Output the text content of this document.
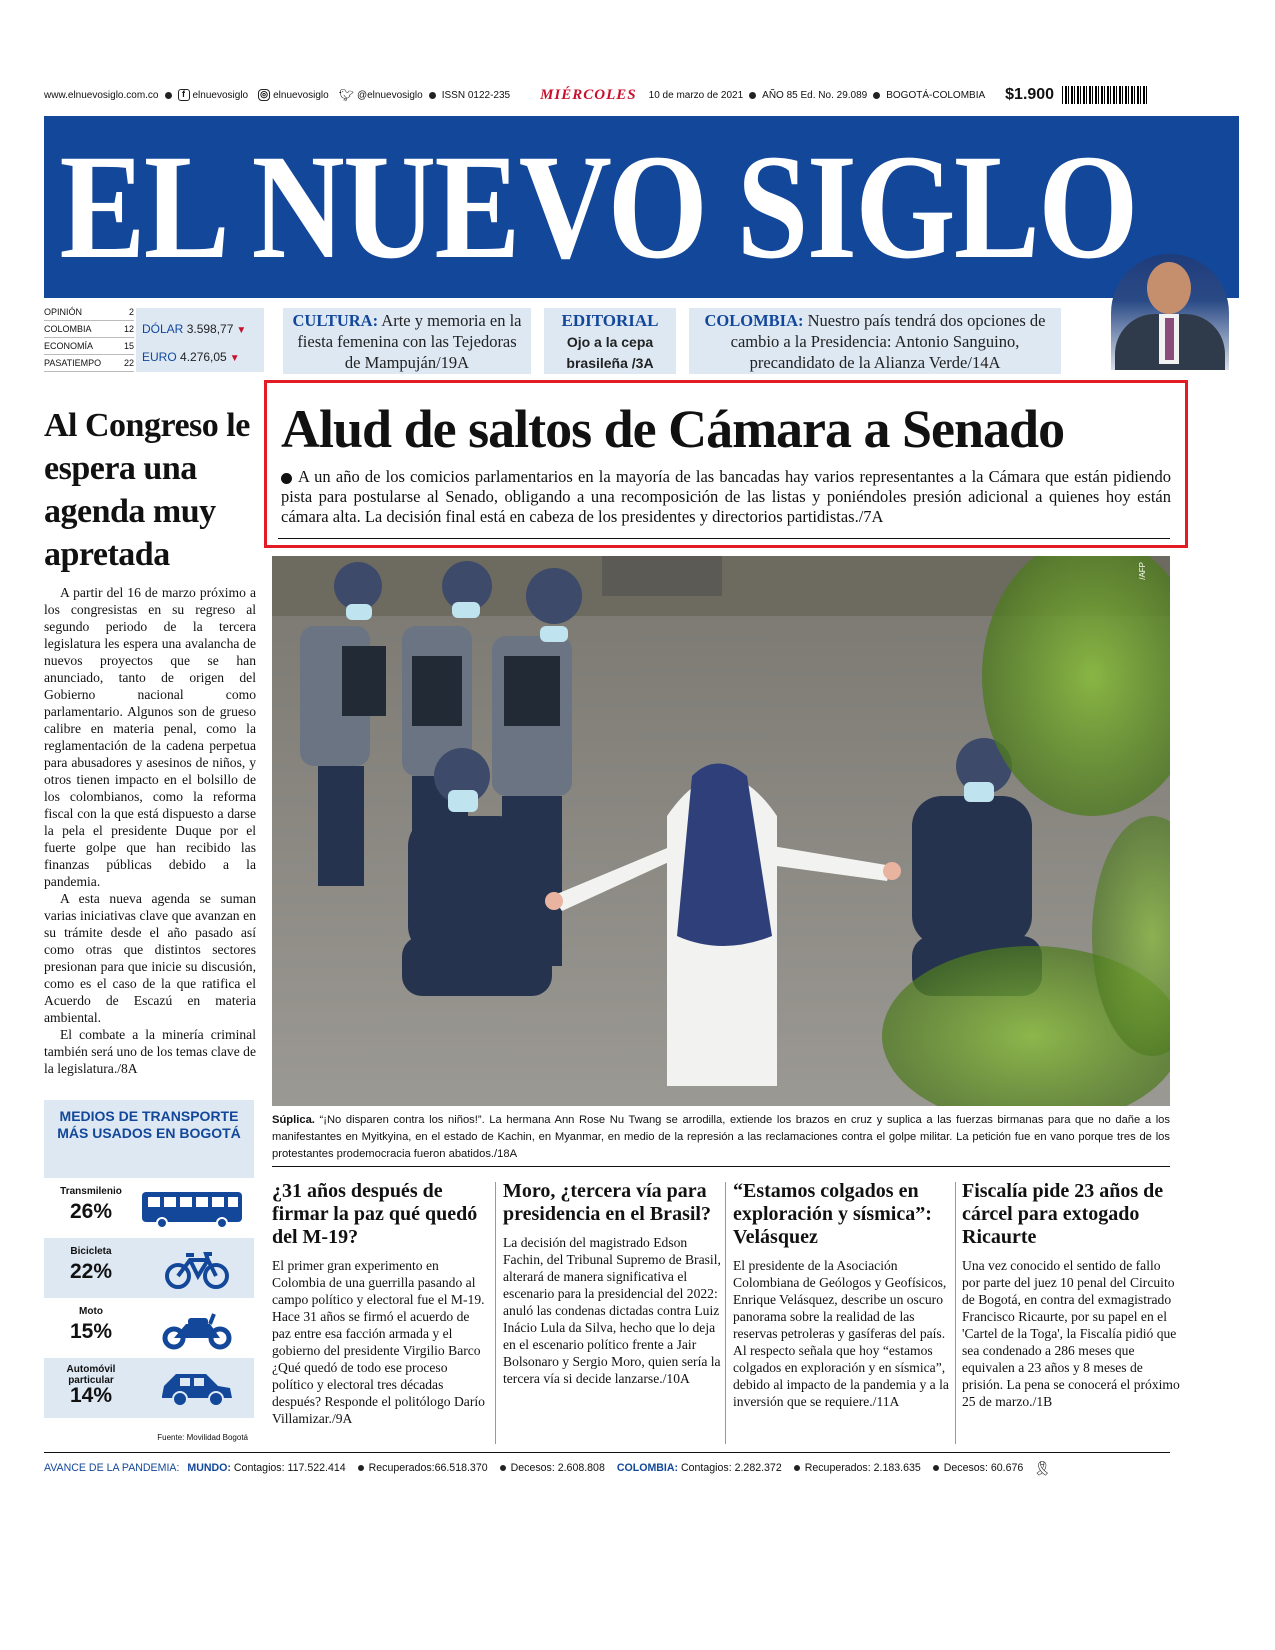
www.elnuevosiglo.com.co	f elnuevosiglo ◎ elnuevosiglo 🐦︎ @elnuevosiglo ISSN 0122-235 MIÉRCOLES 10 de marzo de 2021 AÑO 85 Ed. No. 29.089 BOGOTÁ-COLOMBIA $1.900
EL NUEVO SIGLO
OPINIÓN	2
COLOMBIA	12
ECONOMÍA	15
PASATIEMPO	22
DÓLAR 3.598,77 ▼
EURO 4.276,05 ▼
CULTURA: Arte y memoria en la fiesta femenina con las Tejedoras de Mampuján/19A
EDITORIAL
Ojo a la cepa brasileña /3A
COLOMBIA: Nuestro país tendrá dos opciones de cambio a la Presidencia: Antonio Sanguino, precandidato de la Alianza Verde/14A
Alud de saltos de Cámara a Senado
A un año de los comicios parlamentarios en la mayoría de las bancadas hay varios representantes a la Cámara que están pidiendo pista para postularse al Senado, obligando a una recomposición de las listas y poniéndoles presión adicional a quienes hoy están cámara alta. La decisión final está en cabeza de los presidentes y directorios partidistas./7A
Al Congreso le espera una agenda muy apretada

A partir del 16 de marzo próximo a los congresistas en su regreso al segundo periodo de la tercera legislatura les espera una avalancha de nuevos proyectos que se han anunciado, tanto de origen del Gobierno nacional como parlamentario. Algunos son de grueso calibre en materia penal, como la reglamentación de la cadena perpetua para abusadores y asesinos de niños, y otros tienen impacto en el bolsillo de los colombianos, como la reforma fiscal con la que está dispuesto a darse la pela el presidente Duque por el fuerte golpe que han recibido las finanzas públicas debido a la pandemia.

A esta nueva agenda se suman varias iniciativas clave que avanzan en su trámite desde el año pasado así como otras que distintos sectores presionan para que inicie su discusión, como es el caso de la que ratifica el Acuerdo de Escazú en materia ambiental.

El combate a la minería criminal también será uno de los temas clave de la legislatura./8A

MEDIOS DE TRANSPORTE MÁS USADOS EN BOGOTÁ
Transmilenio
26%
Bicicleta
22%
Moto
15%
Automóvil particular
14%
Fuente: Movilidad Bogotá
/AFP
Súplica. “¡No disparen contra los niños!”. La hermana Ann Rose Nu Twang se arrodilla, extiende los brazos en cruz y suplica a las fuerzas birmanas para que no dañe a los manifestantes en Myitkyina, en el estado de Kachin, en Myanmar, en medio de la represión a las reclamaciones contra el golpe militar. La petición fue en vano porque tres de los protestantes prodemocracia fueron abatidos./18A
¿31 años después de firmar la paz qué quedó del M-19?

El primer gran experimento en Colombia de una guerrilla pasando al campo político y electoral fue el M-19. Hace 31 años se firmó el acuerdo de paz entre esa facción armada y el gobierno del presidente Virgilio Barco ¿Qué quedó de todo ese proceso político y electoral tres décadas después? Responde el politólogo Darío Villamizar./9A

Moro, ¿tercera vía para presidencia en el Brasil?

La decisión del magistrado Edson Fachin, del Tribunal Supremo de Brasil, alterará de manera significativa el escenario para la presidencial del 2022: anuló las condenas dictadas contra Luiz Inácio Lula da Silva, hecho que lo deja en el escenario político frente a Jair Bolsonaro y Sergio Moro, quien sería la tercera vía si decide lanzarse./10A

“Estamos colgados en exploración y sísmica”: Velásquez

El presidente de la Asociación Colombiana de Geólogos y Geofísicos, Enrique Velásquez, describe un oscuro panorama sobre la realidad de las reservas petroleras y gasíferas del país. Al respecto señala que hoy “estamos colgados en exploración y en sísmica”, debido al impacto de la pandemia y a la inversión que se requiere./11A

Fiscalía pide 23 años de cárcel para extogado Ricaurte

Una vez conocido el sentido de fallo por parte del juez 10 penal del Circuito de Bogotá, en contra del exmagistrado Francisco Ricaurte, por su papel en el 'Cartel de la Toga', la Fiscalía pidió que sea condenado a 286 meses que equivalen a 23 años y 8 meses de prisión. La pena se conocerá el próximo 25 de marzo./1B

AVANCE DE LA PANDEMIA: MUNDO:
Contagios: 117.522.414 Recuperados:66.518.370 Decesos: 2.608.808 COLOMBIA:
Contagios: 2.282.372 Recuperados: 2.183.635 Decesos: 60.676 🎗︎
